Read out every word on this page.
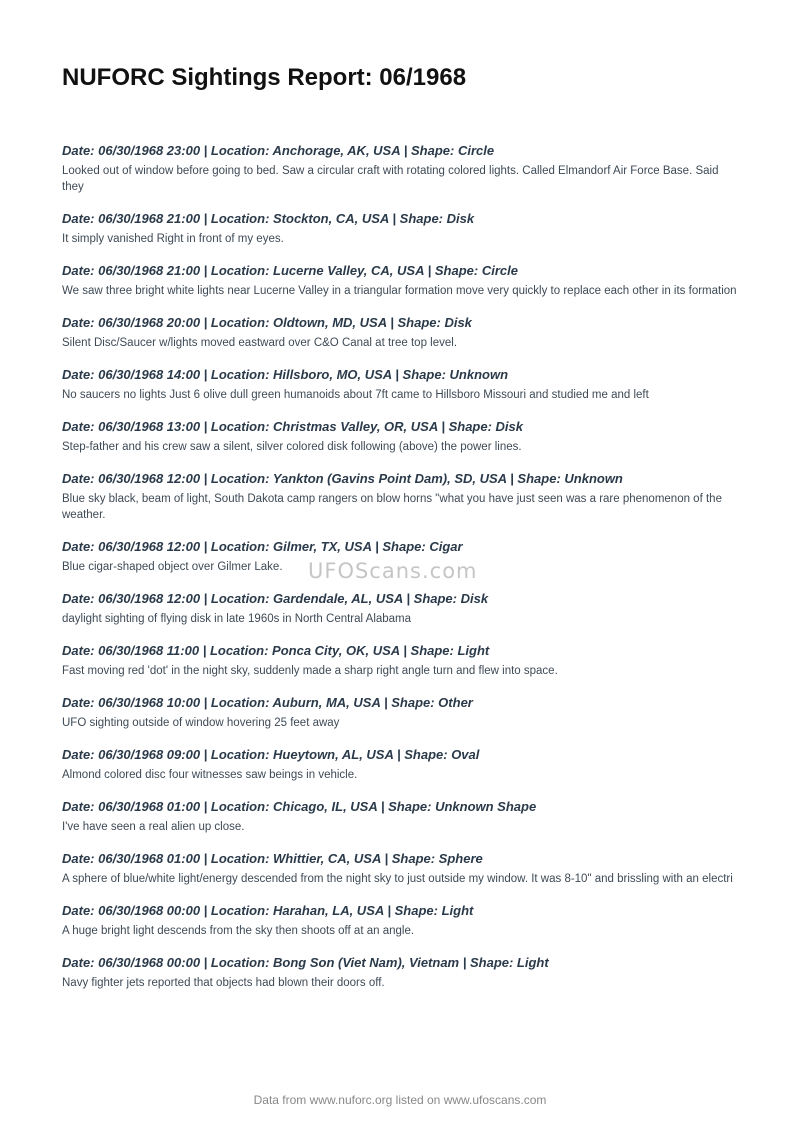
NUFORC Sightings Report: 06/1968
Date: 06/30/1968 23:00 | Location: Anchorage, AK, USA | Shape: Circle
Looked out of window before going to bed. Saw a circular craft with rotating colored lights. Called Elmandorf Air Force Base. Said they
Date: 06/30/1968 21:00 | Location: Stockton, CA, USA | Shape: Disk
It simply vanished Right in front of my eyes.
Date: 06/30/1968 21:00 | Location: Lucerne Valley, CA, USA | Shape: Circle
We saw three bright white lights near Lucerne Valley in a triangular formation move very quickly to replace each other in its formation
Date: 06/30/1968 20:00 | Location: Oldtown, MD, USA | Shape: Disk
Silent Disc/Saucer w/lights moved eastward over C&O Canal at tree top level.
Date: 06/30/1968 14:00 | Location: Hillsboro, MO, USA | Shape: Unknown
No saucers no lights Just 6 olive dull green humanoids about 7ft came to Hillsboro Missouri and studied me and left
Date: 06/30/1968 13:00 | Location: Christmas Valley, OR, USA | Shape: Disk
Step-father and his crew saw a silent, silver colored disk following (above) the power lines.
Date: 06/30/1968 12:00 | Location: Yankton (Gavins Point Dam), SD, USA | Shape: Unknown
Blue sky black, beam of light, South Dakota camp rangers on blow horns "what you have just seen was a rare phenomenon of the weather.
Date: 06/30/1968 12:00 | Location: Gilmer, TX, USA | Shape: Cigar
Blue cigar-shaped object over Gilmer Lake.
Date: 06/30/1968 12:00 | Location: Gardendale, AL, USA | Shape: Disk
daylight sighting of flying disk in late 1960s in North Central Alabama
Date: 06/30/1968 11:00 | Location: Ponca City, OK, USA | Shape: Light
Fast moving red 'dot' in the night sky, suddenly made a sharp right angle turn and flew into space.
Date: 06/30/1968 10:00 | Location: Auburn, MA, USA | Shape: Other
UFO sighting outside of window hovering 25 feet away
Date: 06/30/1968 09:00 | Location: Hueytown, AL, USA | Shape: Oval
Almond colored disc four witnesses saw beings in vehicle.
Date: 06/30/1968 01:00 | Location: Chicago, IL, USA | Shape: Unknown Shape
I've have seen a real alien up close.
Date: 06/30/1968 01:00 | Location: Whittier, CA, USA | Shape: Sphere
A sphere of blue/white light/energy descended from the night sky to just outside my window. It was 8-10" and brissling with an electri
Date: 06/30/1968 00:00 | Location: Harahan, LA, USA | Shape: Light
A huge bright light descends from the sky then shoots off at an angle.
Date: 06/30/1968 00:00 | Location: Bong Son (Viet Nam), Vietnam | Shape: Light
Navy fighter jets reported that objects had blown their doors off.
UFOScans.com
Data from www.nuforc.org listed on www.ufoscans.com
